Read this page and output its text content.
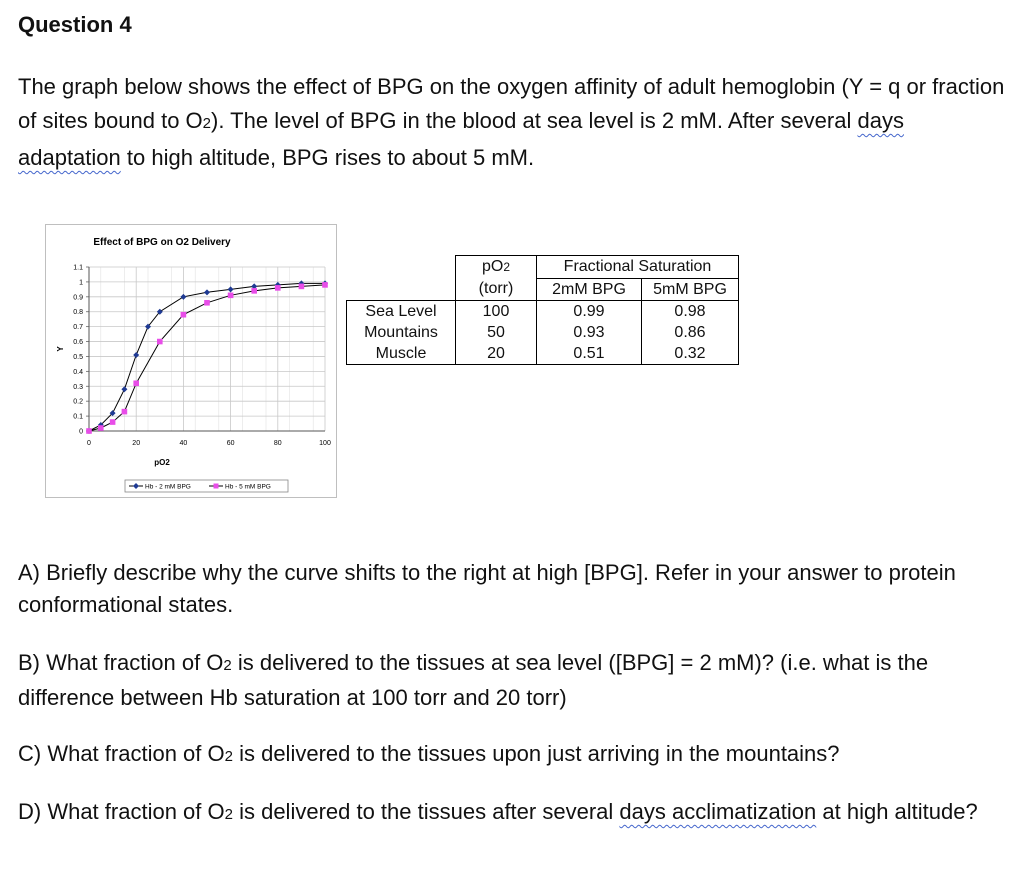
Question 4
The graph below shows the effect of BPG on the oxygen affinity of adult hemoglobin (Y = q or fraction of sites bound to O2). The level of BPG in the blood at sea level is 2 mM. After several days adaptation to high altitude, BPG rises to about 5 mM.
Effect of BPG on O2 Delivery
0	20	40	60	80	100
0
0.1
0.2
0.3
0.4
0.5
0.6
0.7
0.8
0.9
1
1.1
pO2
Y
Hb - 2 mM BPG	Hb - 5 mM BPG
	pO2	Fractional Saturation	
	(torr)	2mM BPG	5mM BPG
Sea Level	100	0.99	0.98
Mountains	50	0.93	0.86
Muscle	20	0.51	0.32
A) Briefly describe why the curve shifts to the right at high [BPG]. Refer in your answer to protein conformational states.
B) What fraction of O2 is delivered to the tissues at sea level ([BPG] = 2 mM)? (i.e. what is the difference between Hb saturation at 100 torr and 20 torr)
C) What fraction of O2 is delivered to the tissues upon just arriving in the mountains?
D) What fraction of O2 is delivered to the tissues after several days acclimatization at high altitude?
